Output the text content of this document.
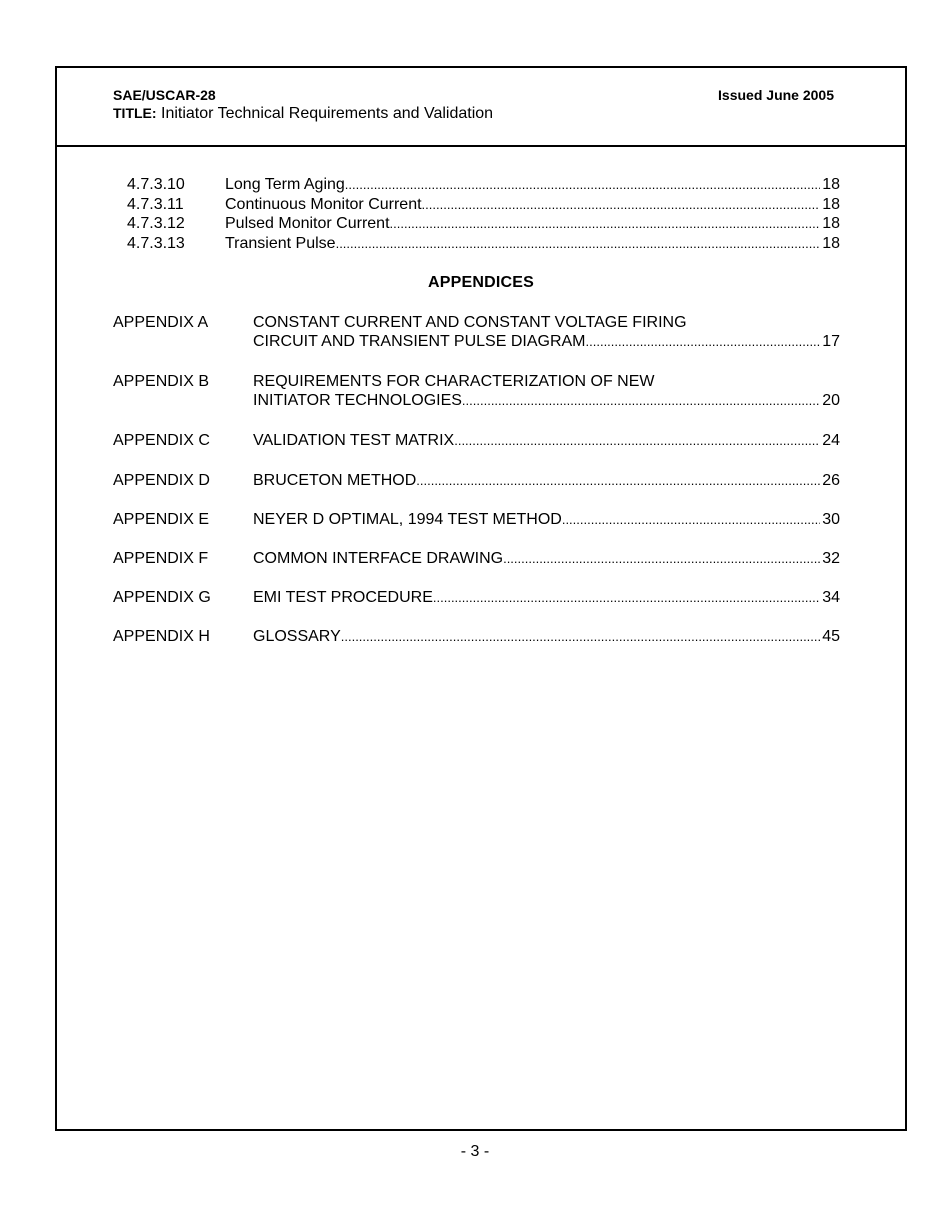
SAE/USCAR-28	Issued June 2005
TITLE: Initiator Technical Requirements and Validation
4.7.3.10	Long Term Aging .....	18
4.7.3.11	Continuous Monitor Current .....	18
4.7.3.12	Pulsed Monitor Current .....	18
4.7.3.13	Transient Pulse .....	18
APPENDICES
APPENDIX A	CONSTANT CURRENT AND CONSTANT VOLTAGE FIRING
CIRCUIT AND TRANSIENT PULSE DIAGRAM .....	17
APPENDIX B	REQUIREMENTS FOR CHARACTERIZATION OF NEW
INITIATOR TECHNOLOGIES .....	20
APPENDIX C	VALIDATION TEST MATRIX .....	24
APPENDIX D	BRUCETON METHOD .....	26
APPENDIX E	NEYER D OPTIMAL, 1994 TEST METHOD .....	30
APPENDIX F	COMMON INTERFACE DRAWING .....	32
APPENDIX G	EMI TEST PROCEDURE .....	34
APPENDIX H	GLOSSARY .....	45
- 3 -
